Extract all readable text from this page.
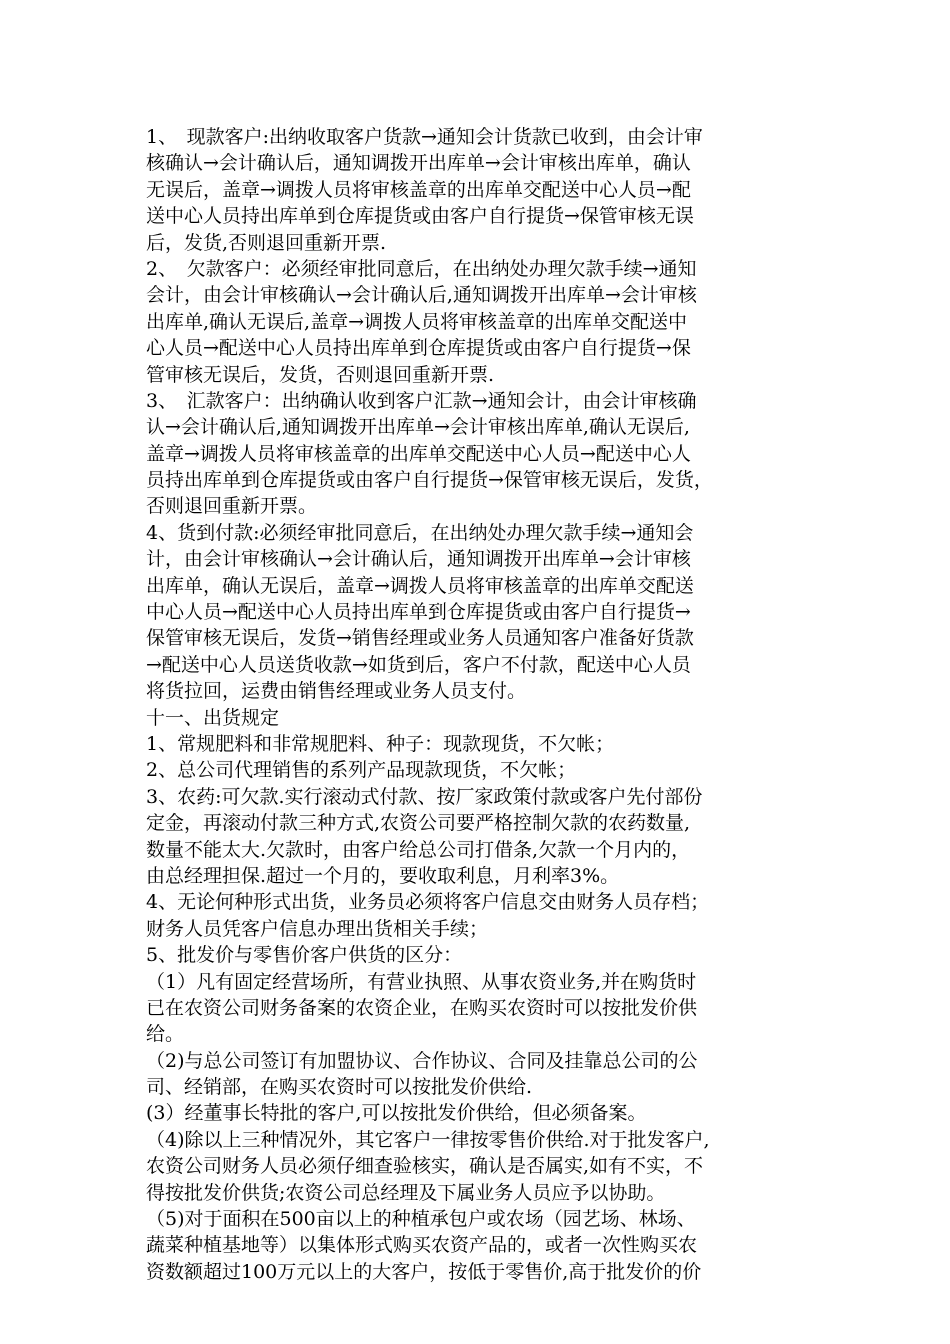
1、　现款客户:出纳收取客户货款→通知会计货款已收到，由会计审
核确认→会计确认后，通知调拨开出库单→会计审核出库单，确认
无误后，盖章→调拨人员将审核盖章的出库单交配送中心人员→配
送中心人员持出库单到仓库提货或由客户自行提货→保管审核无误
后，发货,否则退回重新开票.
2、　欠款客户：必须经审批同意后，在出纳处办理欠款手续→通知
会计，由会计审核确认→会计确认后,通知调拨开出库单→会计审核
出库单,确认无误后,盖章→调拨人员将审核盖章的出库单交配送中
心人员→配送中心人员持出库单到仓库提货或由客户自行提货→保
管审核无误后，发货，否则退回重新开票.
3、　汇款客户：出纳确认收到客户汇款→通知会计，由会计审核确
认→会计确认后,通知调拨开出库单→会计审核出库单,确认无误后,
盖章→调拨人员将审核盖章的出库单交配送中心人员→配送中心人
员持出库单到仓库提货或由客户自行提货→保管审核无误后，发货，
否则退回重新开票。
4、货到付款:必须经审批同意后，在出纳处办理欠款手续→通知会
计，由会计审核确认→会计确认后，通知调拨开出库单→会计审核
出库单，确认无误后，盖章→调拨人员将审核盖章的出库单交配送
中心人员→配送中心人员持出库单到仓库提货或由客户自行提货→
保管审核无误后，发货→销售经理或业务人员通知客户准备好货款
→配送中心人员送货收款→如货到后，客户不付款，配送中心人员
将货拉回，运费由销售经理或业务人员支付。
十一、出货规定
1、常规肥料和非常规肥料、种子：现款现货，不欠帐；
2、总公司代理销售的系列产品现款现货，不欠帐；
3、农药:可欠款.实行滚动式付款、按厂家政策付款或客户先付部份
定金，再滚动付款三种方式,农资公司要严格控制欠款的农药数量,
数量不能太大.欠款时，由客户给总公司打借条,欠款一个月内的，
由总经理担保.超过一个月的，要收取利息，月利率3%。
4、无论何种形式出货，业务员必须将客户信息交由财务人员存档；
财务人员凭客户信息办理出货相关手续；
5、批发价与零售价客户供货的区分：
（1）凡有固定经营场所，有营业执照、从事农资业务,并在购货时
已在农资公司财务备案的农资企业，在购买农资时可以按批发价供
给。
（2)与总公司签订有加盟协议、合作协议、合同及挂靠总公司的公
司、经销部，在购买农资时可以按批发价供给.
(3）经董事长特批的客户,可以按批发价供给，但必须备案。
（4)除以上三种情况外，其它客户一律按零售价供给.对于批发客户,
农资公司财务人员必须仔细查验核实，确认是否属实,如有不实，不
得按批发价供货;农资公司总经理及下属业务人员应予以协助。
（5)对于面积在500亩以上的种植承包户或农场（园艺场、林场、
蔬菜种植基地等）以集体形式购买农资产品的，或者一次性购买农
资数额超过100万元以上的大客户，按低于零售价,高于批发价的价
